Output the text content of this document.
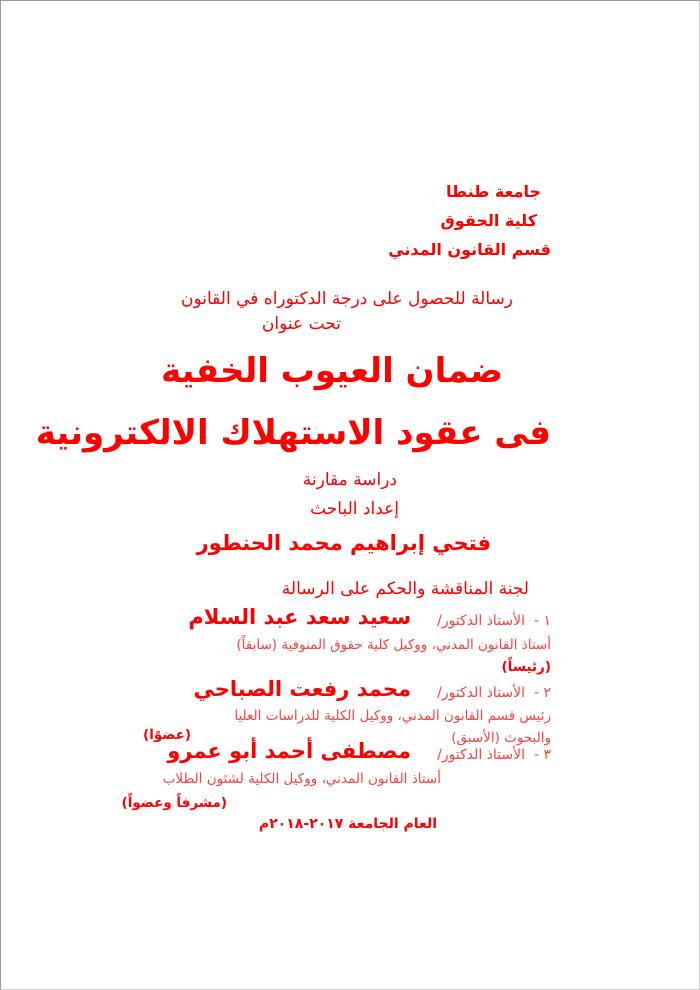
جامعة طنطا
كلية الحقوق
قسم القانون المدني
رسالة للحصول على درجة الدكتوراه في القانون
تحت عنوان
ضمان العيوب الخفية
فى عقود الاستهلاك الالكترونية
دراسة مقارنة
إعداد الباحث
فتحي إبراهيم محمد الحنطور
لجنة المناقشة والحكم على الرسالة
١ -
الأستاذ الدكتور/
سعيد سعد عبد السلام
أستاذ القانون المدني، ووكيل كلية حقوق المنوفية (سابقاً)
(رئيساً)
٢ -
الأستاذ الدكتور/
محمد رفعت الصباحي
رئيس قسم القانون المدني، ووكيل الكلية للدراسات العليا
والبحوث (الأسبق)
(عضوًا)
٣ -
الأستاذ الدكتور/
مصطفى أحمد أبو عمرو
أستاذ القانون المدني، ووكيل الكلية لشئون الطلاب
(مشرفاً وعضواً)
العام الجامعة ٢٠١٧-٢٠١٨م
